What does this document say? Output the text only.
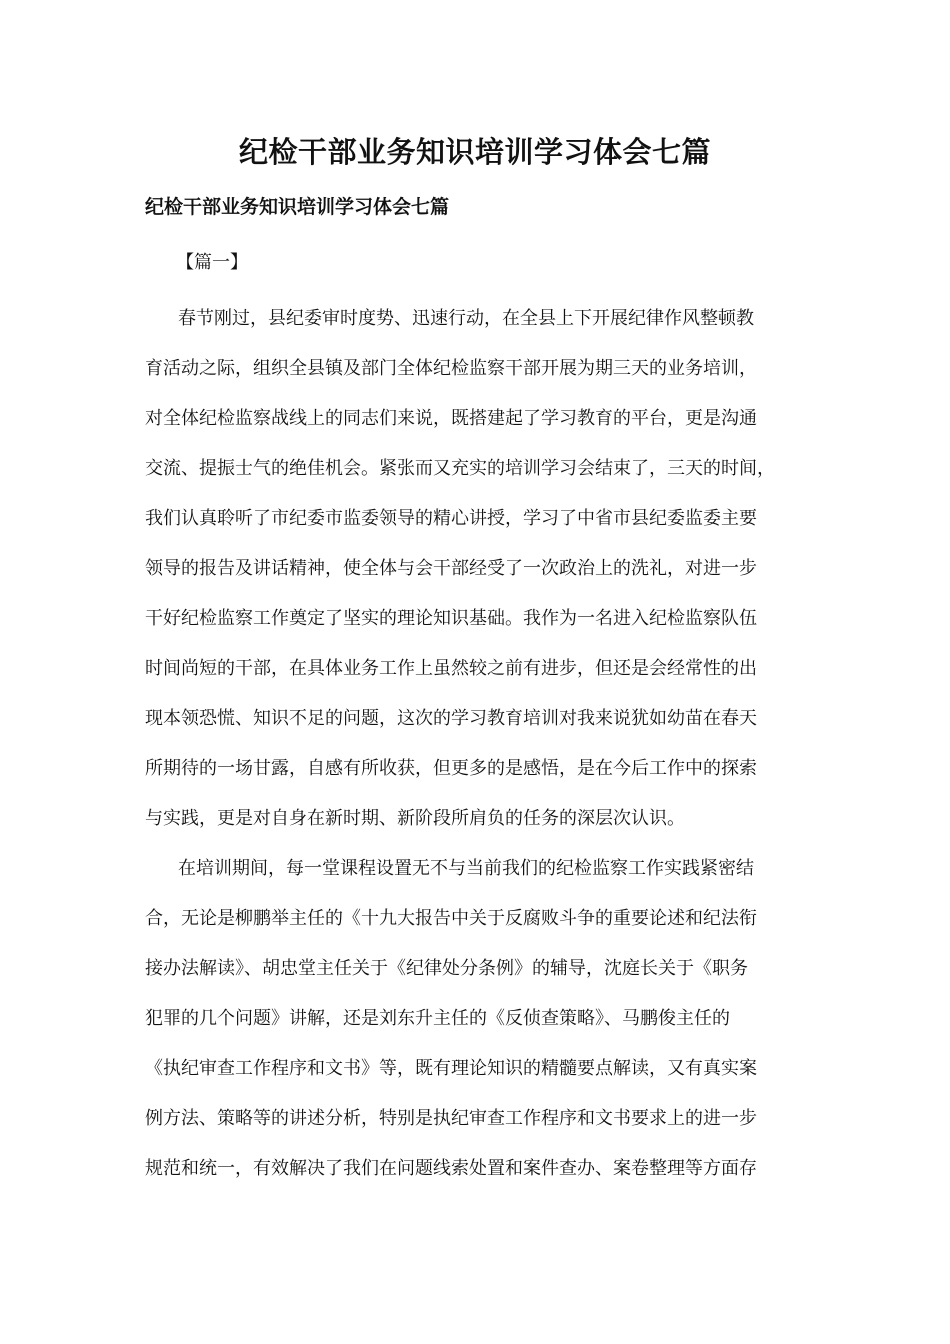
纪检干部业务知识培训学习体会七篇
纪检干部业务知识培训学习体会七篇

【篇一】

春节刚过，县纪委审时度势、迅速行动，在全县上下开展纪律作风整顿教
育活动之际，组织全县镇及部门全体纪检监察干部开展为期三天的业务培训，
对全体纪检监察战线上的同志们来说，既搭建起了学习教育的平台，更是沟通
交流、提振士气的绝佳机会。紧张而又充实的培训学习会结束了，三天的时间，
我们认真聆听了市纪委市监委领导的精心讲授，学习了中省市县纪委监委主要
领导的报告及讲话精神，使全体与会干部经受了一次政治上的洗礼，对进一步
干好纪检监察工作奠定了坚实的理论知识基础。我作为一名进入纪检监察队伍
时间尚短的干部，在具体业务工作上虽然较之前有进步，但还是会经常性的出
现本领恐慌、知识不足的问题，这次的学习教育培训对我来说犹如幼苗在春天
所期待的一场甘露，自感有所收获，但更多的是感悟，是在今后工作中的探索
与实践，更是对自身在新时期、新阶段所肩负的任务的深层次认识。

在培训期间，每一堂课程设置无不与当前我们的纪检监察工作实践紧密结
合，无论是柳鹏举主任的《十九大报告中关于反腐败斗争的重要论述和纪法衔
接办法解读》、胡忠堂主任关于《纪律处分条例》的辅导，沈庭长关于《职务
犯罪的几个问题》讲解，还是刘东升主任的《反侦查策略》、马鹏俊主任的
《执纪审查工作程序和文书》等，既有理论知识的精髓要点解读，又有真实案
例方法、策略等的讲述分析，特别是执纪审查工作程序和文书要求上的进一步
规范和统一，有效解决了我们在问题线索处置和案件查办、案卷整理等方面存
